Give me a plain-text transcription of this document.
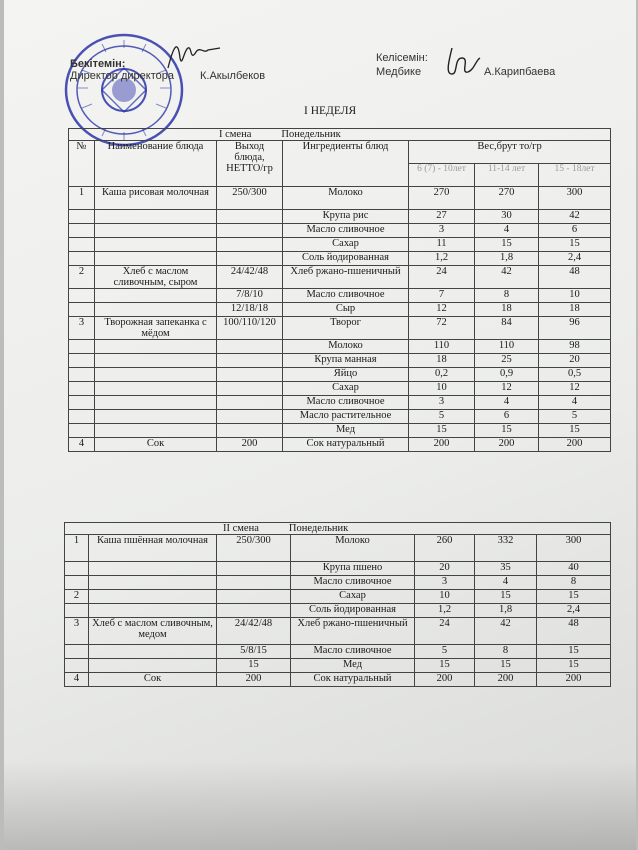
Бекітемін:
Директор директора К.Акылбеков
Келісемін:
Медбике	А.Карипбаева
I НЕДЕЛЯ
I смена Понедельник						
№	Наименование блюда	Выход блюда, НЕТТО/гр	Ингредиенты блюд	Вес,брут то/гр		
				6 (7) - 10лет	11-14 лет	15 - 18лет
1	Каша рисовая молочная	250/300	Молоко	270	270	300
			Крупа рис	27	30	42
			Масло сливочное	3	4	6
			Сахар	11	15	15
			Соль йодированная	1,2	1,8	2,4
2	Хлеб с маслом сливочным, сыром	24/42/48	Хлеб ржано-пшеничный	24	42	48
		7/8/10	Масло сливочное	7	8	10
		12/18/18	Сыр	12	18	18
3	Творожная запеканка с мёдом	100/110/120	Творог	72	84	96
			Молоко	110	110	98
			Крупа манная	18	25	20
			Яйцо	0,2	0,9	0,5
			Сахар	10	12	12
			Масло сливочное	3	4	4
			Масло растительное	5	6	5
			Мед	15	15	15
4	Сок	200	Сок натуральный	200	200	200
II смена Понедельник						
1	Каша пшённая молочная	250/300	Молоко	260	332	300
			Крупа пшено	20	35	40
			Масло сливочное	3	4	8
2			Сахар	10	15	15
			Соль йодированная	1,2	1,8	2,4
3	Хлеб с маслом сливочным, медом	24/42/48	Хлеб ржано-пшеничный	24	42	48
		5/8/15	Масло сливочное	5	8	15
		15	Мед	15	15	15
4	Сок	200	Сок натуральный	200	200	200
